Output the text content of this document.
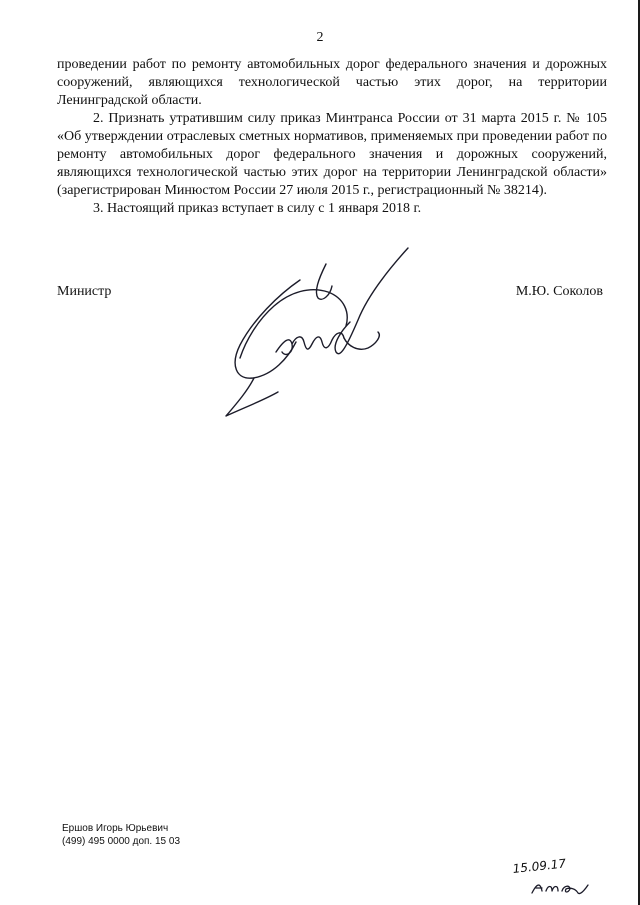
2

проведении работ по ремонту автомобильных дорог федерального значения и дорожных сооружений, являющихся технологической частью этих дорог, на территории Ленинградской области.

2. Признать утратившим силу приказ Минтранса России от 31 марта 2015 г. № 105 «Об утверждении отраслевых сметных нормативов, применяемых при проведении работ по ремонту автомобильных дорог федерального значения и дорожных сооружений, являющихся технологической частью этих дорог на территории Ленинградской области» (зарегистрирован Минюстом России 27 июля 2015 г., регистрационный № 38214).

3. Настоящий приказ вступает в силу с 1 января 2018 г.

Министр	М.Ю. Соколов
Ершов Игорь Юрьевич
(499) 495 0000 доп. 15 03
15.09.17
